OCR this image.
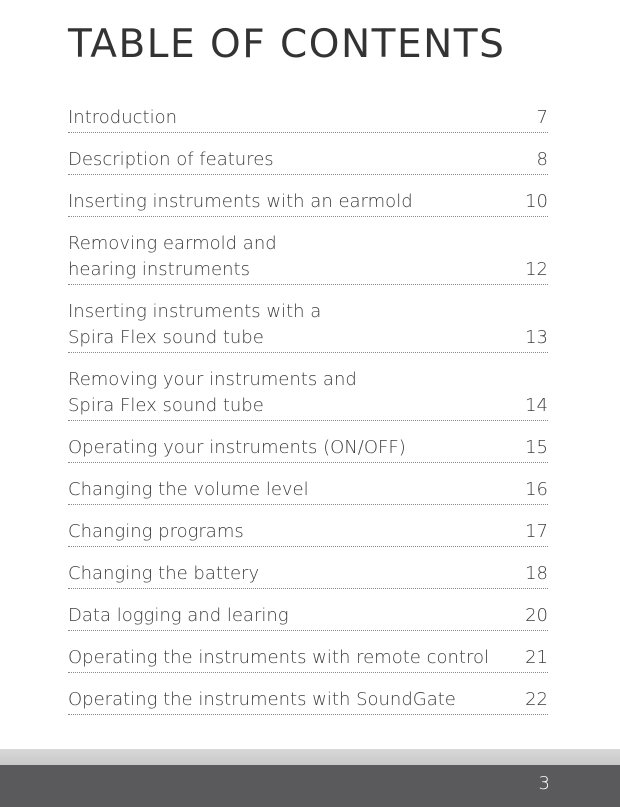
TABLE OF CONTENTS
Introduction	7
Description of features	8
Inserting instruments with an earmold	10
Removing earmold and
hearing instruments	12
Inserting instruments with a
Spira Flex sound tube	13
Removing your instruments and
Spira Flex sound tube	14
Operating your instruments (ON/OFF)	15
Changing the volume level	16
Changing programs	17
Changing the battery	18
Data logging and learing	20
Operating the instruments with remote control	21
Operating the instruments with SoundGate	22
3
